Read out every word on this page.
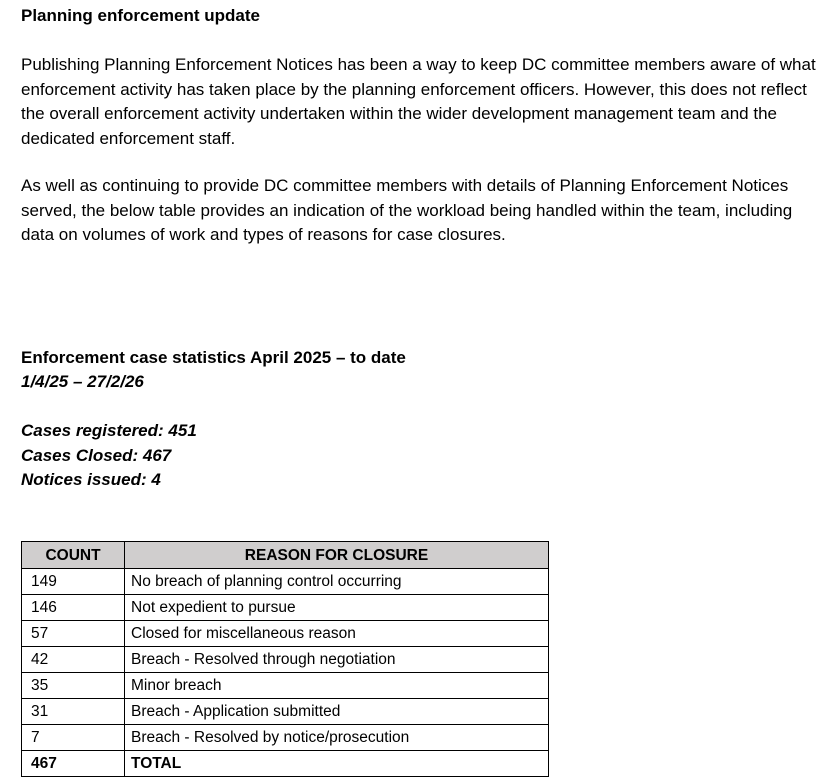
Planning enforcement update

Publishing Planning Enforcement Notices has been a way to keep DC committee members aware of what enforcement activity has taken place by the planning enforcement officers. However, this does not reflect the overall enforcement activity undertaken within the wider development management team and the dedicated enforcement staff.

As well as continuing to provide DC committee members with details of Planning Enforcement Notices served, the below table provides an indication of the workload being handled within the team, including data on volumes of work and types of reasons for case closures.

Enforcement case statistics April 2025 – to date
1/4/25 – 27/2/26
Cases registered: 451
Cases Closed: 467
Notices issued: 4
COUNT	REASON FOR CLOSURE
149	No breach of planning control occurring
146	Not expedient to pursue
57	Closed for miscellaneous reason
42	Breach - Resolved through negotiation
35	Minor breach
31	Breach - Application submitted
7	Breach - Resolved by notice/prosecution
467	TOTAL
